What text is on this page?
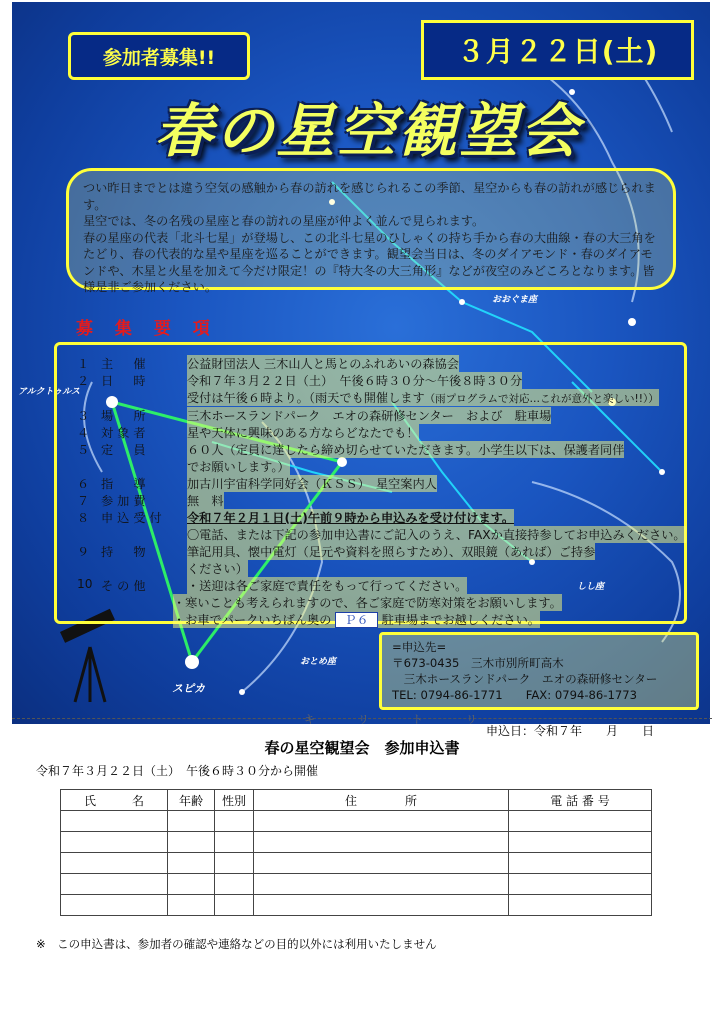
おおぐま座
しし座
おとめ座
スピカ
アルクトゥルス
参加者募集!!	３月２２日(土)
春の星空観望会

つい昨日までとは違う空気の感触から春の訪れを感じられるこの季節、星空からも春の訪れが感じられます。

星空では、冬の名残の星座と春の訪れの星座が仲よく並んで見られます。

春の星座の代表「北斗七星」が登場し、この北斗七星のひしゃくの持ち手から春の大曲線・春の大三角をたどり、春の代表的な星や星座を巡ることができます。観望会当日は、冬のダイアモンド・春のダイアモンドや、木星と火星を加えて今だけ限定！の『特大冬の大三角形』などが夜空のみどころとなります。皆様是非ご参加ください。

募 集 要 項
１ 主　催	公益財団法人 三木山人と馬とのふれあいの森協会
２ 日　時	令和７年３月２２日（土）　午後６時３０分～午後８時３０分
受付は午後６時より。（雨天でも開催します（雨プログラムで対応…これが意外と楽しい!!））
３ 場　所	三木ホースランドパーク　エオの森研修センター　および　駐車場
４ 対象者	星や天体に興味のある方ならどなたでも！
５ 定　員	６０人（定員に達したら締め切らせていただきます。小学生以下は、保護者同伴
でお願いします。）
６ 指　導	加古川宇宙科学同好会（ＫＳＳ）　星空案内人
７ 参加費	無　料
８ 申込受付	令和７年２月１日(土)午前９時から申込みを受け付けます。
〇電話、または下記の参加申込書にご記入のうえ、FAXか直接持参してお申込みください。
９ 持　物	筆記用具、懐中電灯（足元や資料を照らすため）、双眼鏡（あれば）ご持参
ください）
10 その他	・送迎は各ご家庭で責任をもって行ってください。
・寒いことも考えられますので、各ご家庭で防寒対策をお願いします。
・お車でパークいちばん奥の Ｐ６ 駐車場までお越しください。
=申込先=
〒673-0435　三木市別所町高木
　三木ホースランドパーク　エオの森研修センター
TEL: 0794-86-1771　　FAX: 0794-86-1773
キ　リ　ト　リ
申込日：令和７年　　月　　日
春の星空観望会　参加申込書
令和７年３月２２日（土）　午後６時３０分から開催
氏　　　名	年齢	性別	住　　　　所	電 話 番 号

※　この申込書は、参加者の確認や連絡などの目的以外には利用いたしません
